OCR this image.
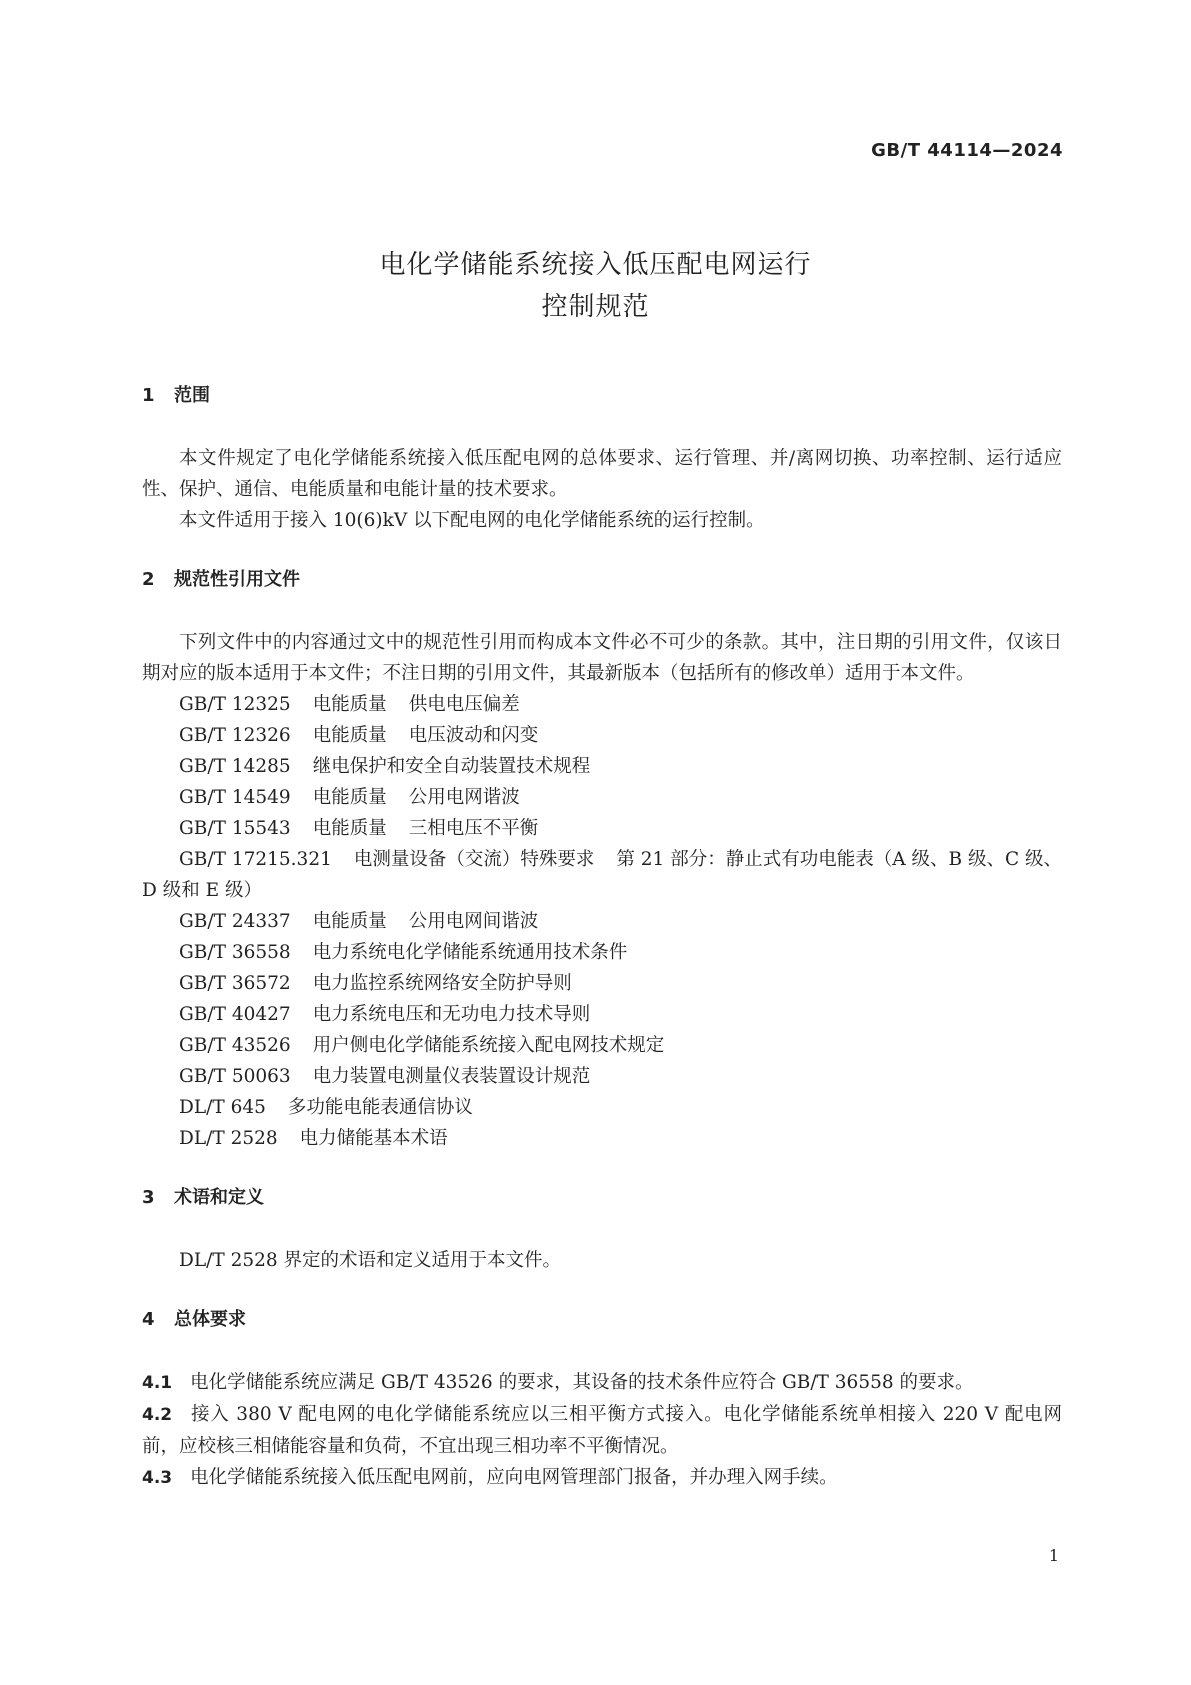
GB/T 44114—2024
电化学储能系统接入低压配电网运行
控制规范
1 范围

本文件规定了电化学储能系统接入低压配电网的总体要求、运行管理、并/离网切换、功率控制、运行适应性、保护、通信、电能质量和电能计量的技术要求。

本文件适用于接入 10(6)kV 以下配电网的电化学储能系统的运行控制。

2 规范性引用文件

下列文件中的内容通过文中的规范性引用而构成本文件必不可少的条款。其中，注日期的引用文件，仅该日期对应的版本适用于本文件；不注日期的引用文件，其最新版本（包括所有的修改单）适用于本文件。

GB/T 12325 电能质量 供电电压偏差
GB/T 12326 电能质量 电压波动和闪变
GB/T 14285 继电保护和安全自动装置技术规程
GB/T 14549 电能质量 公用电网谐波
GB/T 15543 电能质量 三相电压不平衡
GB/T 17215.321 电测量设备（交流）特殊要求 第 21 部分：静止式有功电能表（A 级、B 级、C 级、D 级和 E 级）
GB/T 24337 电能质量 公用电网间谐波
GB/T 36558 电力系统电化学储能系统通用技术条件
GB/T 36572 电力监控系统网络安全防护导则
GB/T 40427 电力系统电压和无功电力技术导则
GB/T 43526 用户侧电化学储能系统接入配电网技术规定
GB/T 50063 电力装置电测量仪表装置设计规范
DL/T 645 多功能电能表通信协议
DL/T 2528 电力储能基本术语
3 术语和定义

DL/T 2528 界定的术语和定义适用于本文件。

4 总体要求

4.1 电化学储能系统应满足 GB/T 43526 的要求，其设备的技术条件应符合 GB/T 36558 的要求。

4.2 接入 380 V 配电网的电化学储能系统应以三相平衡方式接入。电化学储能系统单相接入 220 V 配电网前，应校核三相储能容量和负荷，不宜出现三相功率不平衡情况。

4.3 电化学储能系统接入低压配电网前，应向电网管理部门报备，并办理入网手续。

1
